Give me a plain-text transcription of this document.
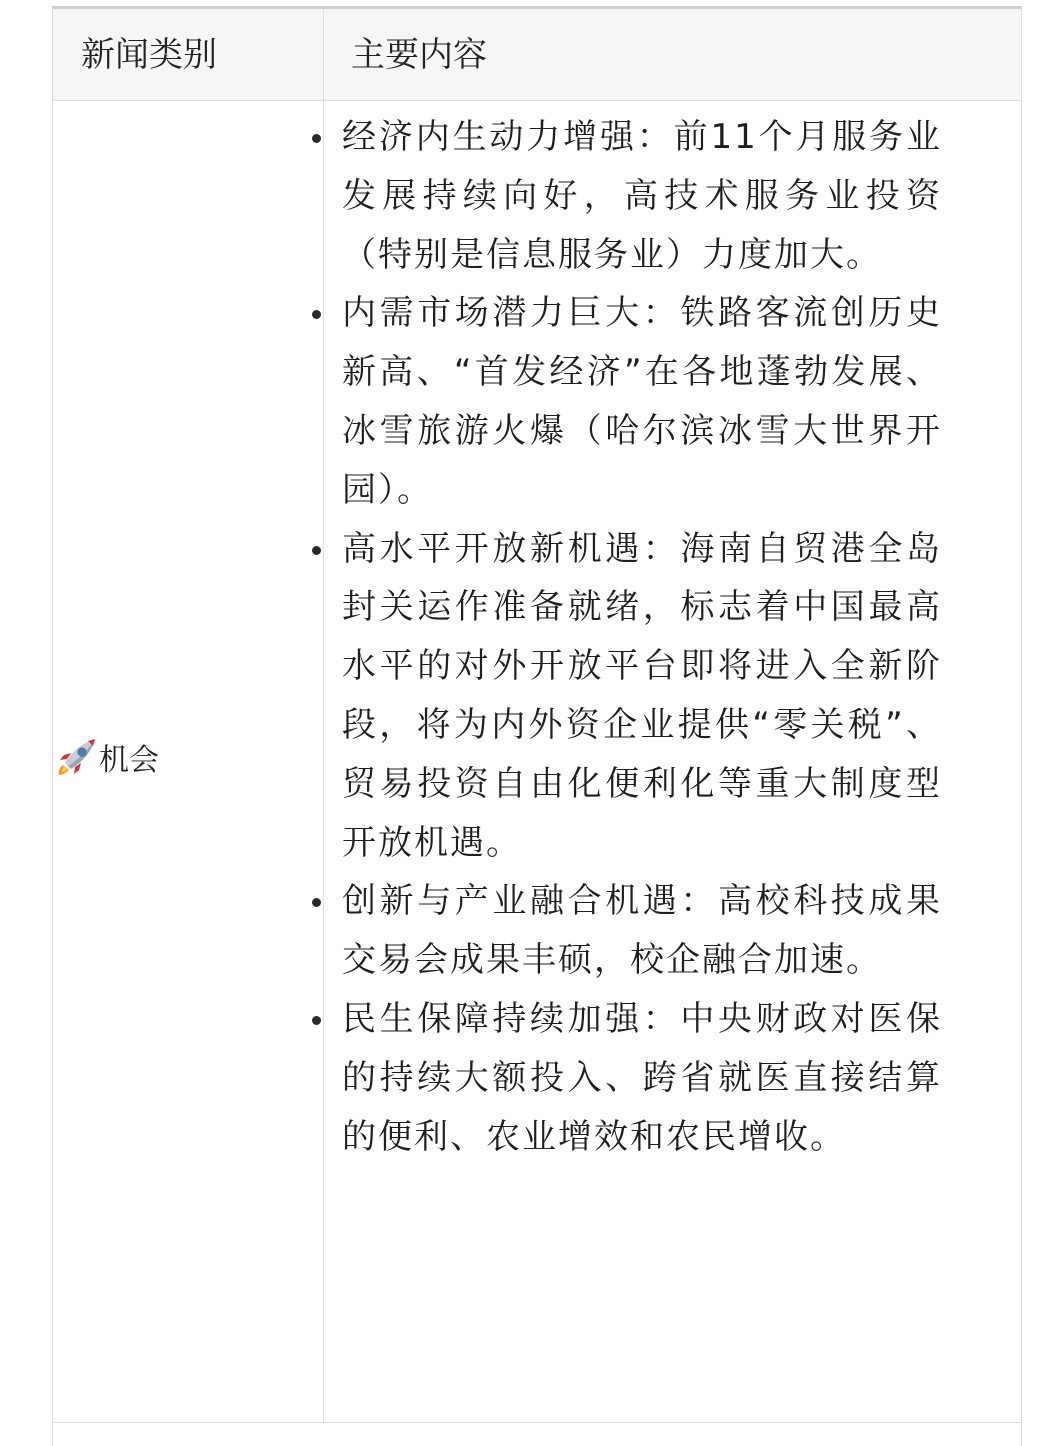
新闻类别	主要内容
机会
经济内生动力增强：前11个月服务业发展持续向好，高技术服务业投资（特别是信息服务业）力度加大。
内需市场潜力巨大：铁路客流创历史新高、“首发经济”在各地蓬勃发展、冰雪旅游火爆（哈尔滨冰雪大世界开园）。
高水平开放新机遇：海南自贸港全岛封关运作准备就绪，标志着中国最高水平的对外开放平台即将进入全新阶段，将为内外资企业提供“零关税”、贸易投资自由化便利化等重大制度型开放机遇。
创新与产业融合机遇：高校科技成果交易会成果丰硕，校企融合加速。
民生保障持续加强：中央财政对医保的持续大额投入、跨省就医直接结算的便利、农业增效和农民增收。
